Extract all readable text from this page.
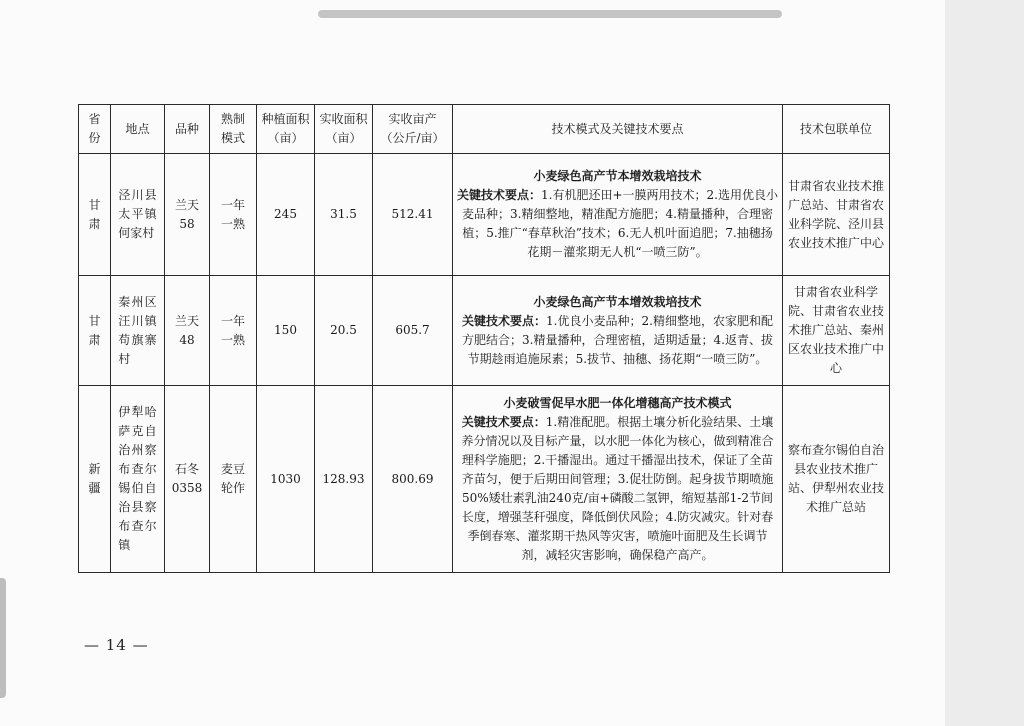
省份	地点	品种	熟制模式	种植面积（亩）	实收面积（亩）	实收亩产（公斤/亩）	技术模式及关键技术要点	技术包联单位

甘肃	泾川县太平镇何家村	兰天58	一年一熟	245	31.5	512.41	小麦绿色高产节本增效栽培技术
关键技术要点：1.有机肥还田+一膜两用技术；2.选用优良小麦品种；3.精细整地，精准配方施肥；4.精量播种，合理密植；5.推广“春草秋治”技术；6.无人机叶面追肥；7.抽穗扬花期－灌浆期无人机“一喷三防”。	甘肃省农业技术推广总站、甘肃省农业科学院、泾川县农业技术推广中心

甘肃	秦州区汪川镇苟旗寨村	兰天48	一年一熟	150	20.5	605.7	小麦绿色高产节本增效栽培技术
关键技术要点：1.优良小麦品种；2.精细整地，农家肥和配方肥结合；3.精量播种，合理密植，适期适量；4.返青、拔节期趁雨追施尿素；5.拔节、抽穗、扬花期“一喷三防”。	甘肃省农业科学院、甘肃省农业技术推广总站、秦州区农业技术推广中心

新疆	伊犁哈萨克自治州察布查尔锡伯自治县察布查尔镇	石冬0358	麦豆轮作	1030	128.93	800.69	小麦破雪促早水肥一体化增穗高产技术模式
关键技术要点：1.精准配肥。根据土壤分析化验结果、土壤养分情况以及目标产量，以水肥一体化为核心，做到精准合理科学施肥；2.干播湿出。通过干播湿出技术，保证了全苗齐苗匀，便于后期田间管理；3.促壮防倒。起身拔节期喷施50%矮壮素乳油240克/亩+磷酸二氢钾，缩短基部1-2节间长度，增强茎秆强度，降低倒伏风险；4.防灾减灾。针对春季倒春寒、灌浆期干热风等灾害，喷施叶面肥及生长调节剂，减轻灾害影响，确保稳产高产。	察布查尔锡伯自治县农业技术推广站、伊犁州农业技术推广总站
— 14 —
